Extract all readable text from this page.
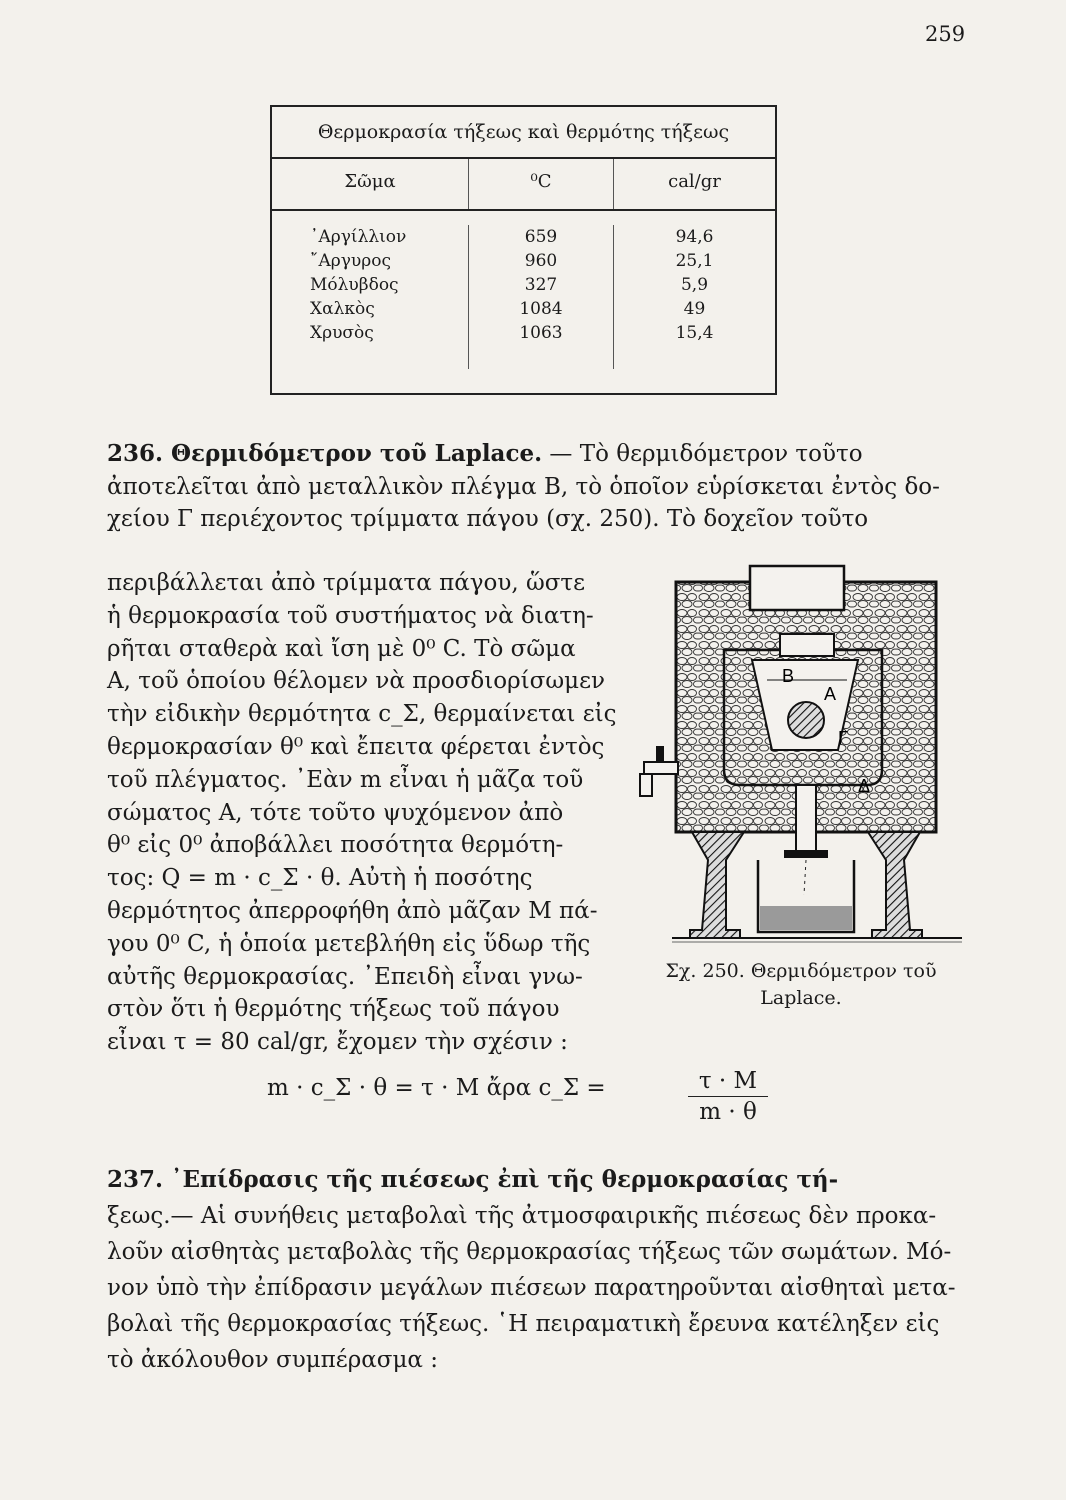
259
Θερμοκρασία τήξεως καὶ θερμότης τήξεως
Σῶμα	⁰C	cal/gr
᾿Αργίλλιον	659	94,6
῎Αργυρος	960	25,1
Μόλυβδος	327	5,9
Χαλκὸς	1084	49
Χρυσὸς	1063	15,4
236. Θερμιδόμετρον τοῦ Laplace. — Τὸ θερμιδόμετρον τοῦτο
ἀποτελεῖται ἀπὸ μεταλλικὸν πλέγμα Β, τὸ ὁποῖον εὑρίσκεται ἐντὸς δο-
χείου Γ περιέχοντος τρίμματα πάγου (σχ. 250). Τὸ δοχεῖον τοῦτο
περιβάλλεται ἀπὸ τρίμματα πάγου, ὥστε
ἡ θερμοκρασία τοῦ συστήματος νὰ διατη-
ρῆται σταθερὰ καὶ ἴση μὲ 0⁰ C. Τὸ σῶμα
Α, τοῦ ὁποίου θέλομεν νὰ προσδιορίσωμεν
τὴν εἰδικὴν θερμότητα c_Σ, θερμαίνεται εἰς
θερμοκρασίαν θ⁰ καὶ ἔπειτα φέρεται ἐντὸς
τοῦ πλέγματος. ᾿Εὰν m εἶναι ἡ μᾶζα τοῦ
σώματος Α, τότε τοῦτο ψυχόμενον ἀπὸ
θ⁰ εἰς 0⁰ ἀποβάλλει ποσότητα θερμότη-
τος: Q = m · c_Σ · θ. Αὐτὴ ἡ ποσότης
θερμότητος ἀπερροφήθη ἀπὸ μᾶζαν Μ πά-
γου 0⁰ C, ἡ ὁποία μετεβλήθη εἰς ὕδωρ τῆς
αὐτῆς θερμοκρασίας. ᾿Επειδὴ εἶναι γνω-
στὸν ὅτι ἡ θερμότης τήξεως τοῦ πάγου
εἶναι τ = 80 cal/gr, ἔχομεν τὴν σχέσιν :
m · c_Σ · θ = τ · Μ ἄρα c_Σ =	$\frac{\tau \cdot M}{m \cdot \theta}$
Β
Α
Γ
Δ
Σχ. 250. Θερμιδόμετρον τοῦ Laplace.
237. ᾿Επίδρασις τῆς πιέσεως ἐπὶ τῆς θερμοκρασίας τή-
ξεως.— Αἱ συνήθεις μεταβολαὶ τῆς ἀτμοσφαιρικῆς πιέσεως δὲν προκα-
λοῦν αἰσθητὰς μεταβολὰς τῆς θερμοκρασίας τήξεως τῶν σωμάτων. Μό-
νον ὑπὸ τὴν ἐπίδρασιν μεγάλων πιέσεων παρατηροῦνται αἰσθηταὶ μετα-
βολαὶ τῆς θερμοκρασίας τήξεως. ῾Η πειραματικὴ ἔρευνα κατέληξεν εἰς
τὸ ἀκόλουθον συμπέρασμα :
